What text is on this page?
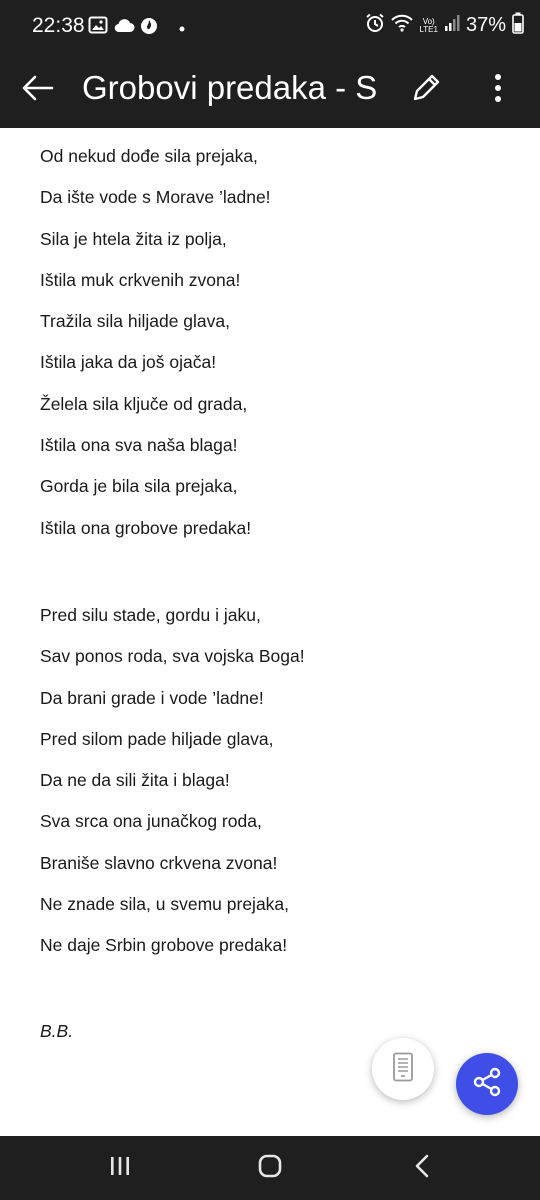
22:38	Vo)
LTE1 37%
Grobovi predaka - S
Od nekud dođe sila prejaka,
Da ište vode s Morave ’ladne!
Sila je htela žita iz polja,
Ištila muk crkvenih zvona!
Tražila sila hiljade glava,
Ištila jaka da još ojača!
Želela sila ključe od grada,
Ištila ona sva naša blaga!
Gorda je bila sila prejaka,
Ištila ona grobove predaka!
Pred silu stade, gordu i jaku,
Sav ponos roda, sva vojska Boga!
Da brani grade i vode ’ladne!
Pred silom pade hiljade glava,
Da ne da sili žita i blaga!
Sva srca ona junačkog roda,
Braniše slavno crkvena zvona!
Ne znade sila, u svemu prejaka,
Ne daje Srbin grobove predaka!
B.B.
